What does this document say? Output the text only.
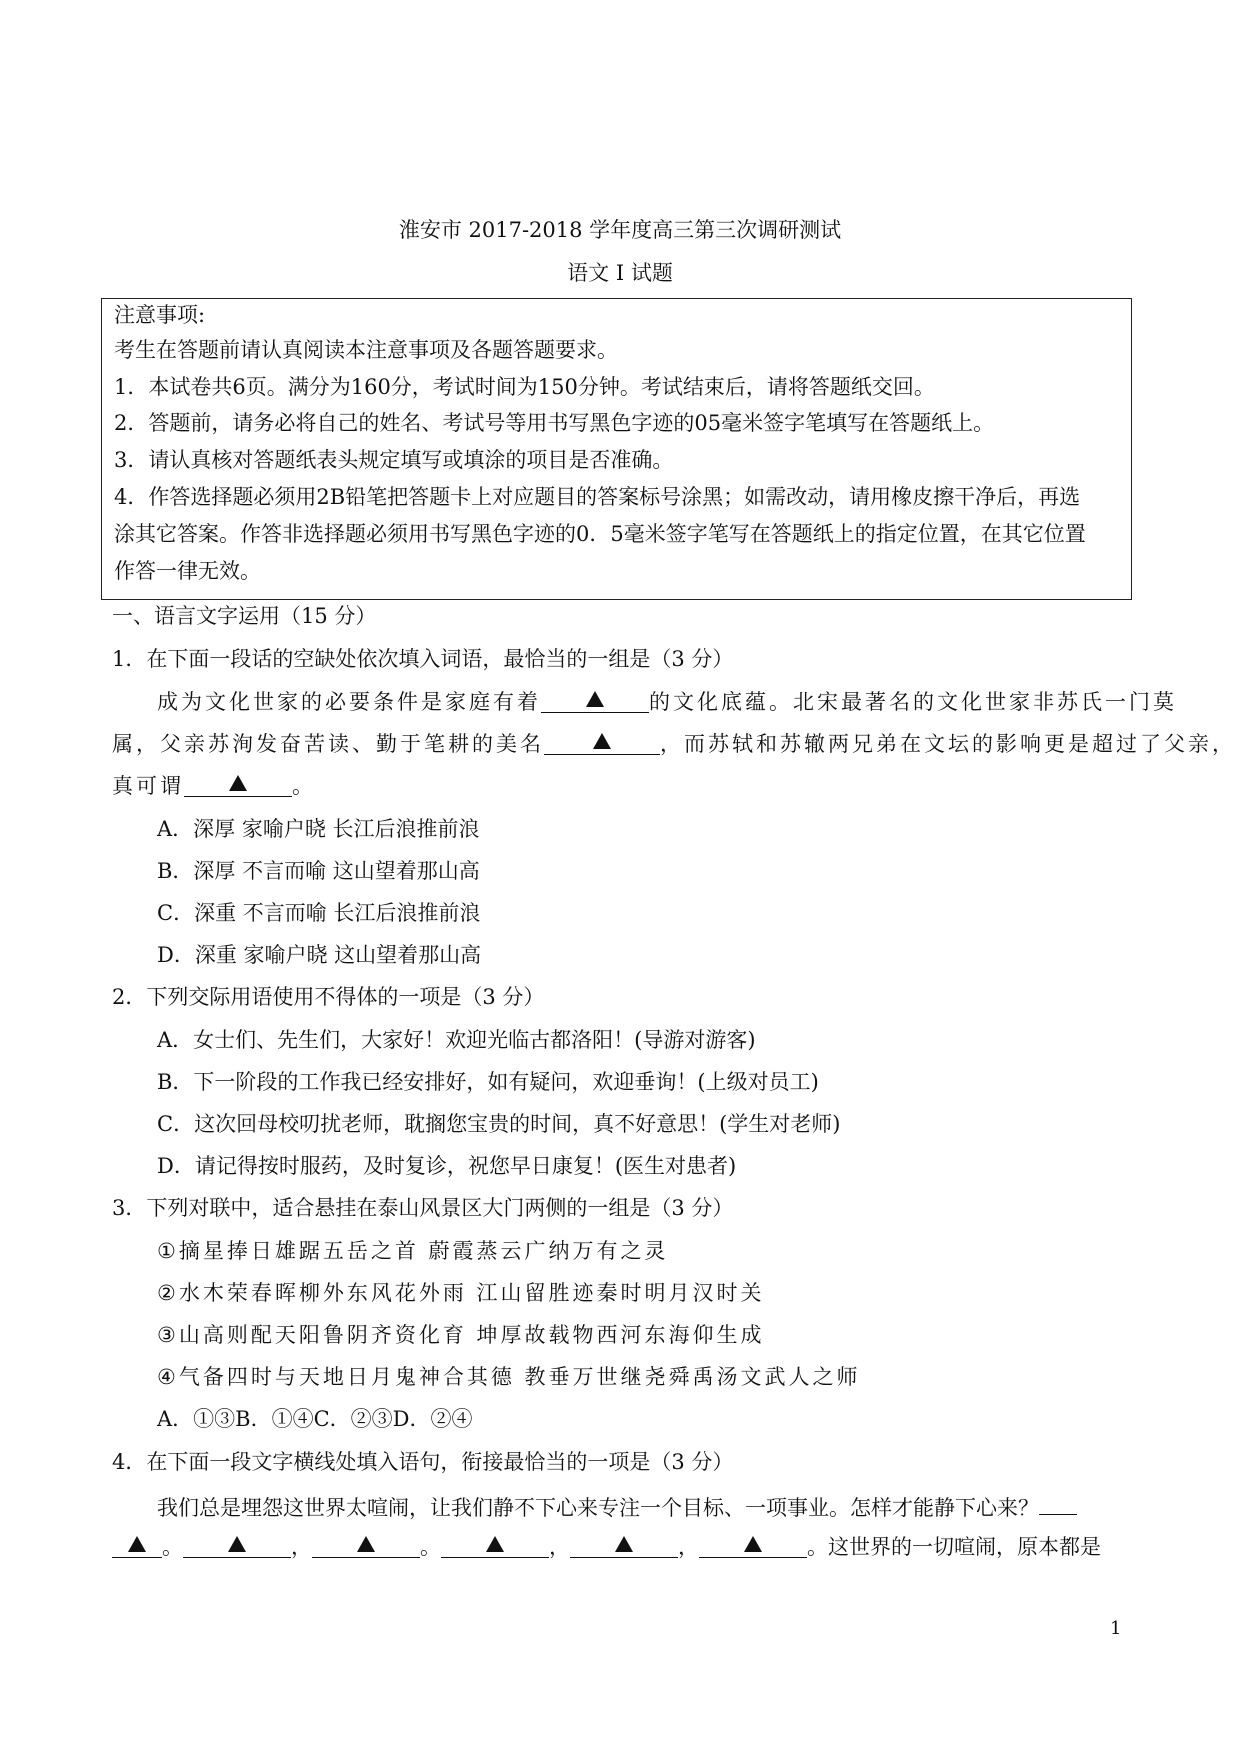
淮安市 2017-2018 学年度高三第三次调研测试
语文 I 试题
注意事项:
考生在答题前请认真阅读本注意事项及各题答题要求。
1．本试卷共6页。满分为160分，考试时间为150分钟。考试结束后，请将答题纸交回。
2．答题前，请务必将自己的姓名、考试号等用书写黑色字迹的05毫米签字笔填写在答题纸上。
3．请认真核对答题纸表头规定填写或填涂的项目是否准确。
4．作答选择题必须用2B铅笔把答题卡上对应题目的答案标号涂黑；如需改动，请用橡皮擦干净后，再选
涂其它答案。作答非选择题必须用书写黑色字迹的0．5毫米签字笔写在答题纸上的指定位置，在其它位置
作答一律无效。
一、语言文字运用（15 分）
1．在下面一段话的空缺处依次填入词语，最恰当的一组是（3 分）
成为文化世家的必要条件是家庭有着	的文化底蕴。北宋最著名的文化世家非苏氏一门莫
属，父亲苏洵发奋苦读、勤于笔耕的美名	，而苏轼和苏辙两兄弟在文坛的影响更是超过了父亲，
真可谓	。
A．深厚 家喻户晓 长江后浪推前浪
B．深厚 不言而喻 这山望着那山高
C．深重 不言而喻 长江后浪推前浪
D．深重 家喻户晓 这山望着那山高
2．下列交际用语使用不得体的一项是（3 分）
A．女士们、先生们，大家好！欢迎光临古都洛阳！(导游对游客)
B．下一阶段的工作我已经安排好，如有疑问，欢迎垂询！(上级对员工)
C．这次回母校叨扰老师，耽搁您宝贵的时间，真不好意思！(学生对老师)
D．请记得按时服药，及时复诊，祝您早日康复！(医生对患者)
3．下列对联中，适合悬挂在泰山风景区大门两侧的一组是（3 分）
①摘星捧日雄踞五岳之首 蔚霞蒸云广纳万有之灵
②水木荣春晖柳外东风花外雨 江山留胜迹秦时明月汉时关
③山高则配天阳鲁阴齐资化育 坤厚故载物西河东海仰生成
④气备四时与天地日月鬼神合其德 教垂万世继尧舜禹汤文武人之师
A．①③B．①④C．②③D．②④
4．在下面一段文字横线处填入语句，衔接最恰当的一项是（3 分）
我们总是埋怨这世界太喧闹，让我们静不下心来专注一个目标、一项事业。怎样才能静下心来？
。	，	。	，	，	。这世界的一切喧闹，原本都是
1
